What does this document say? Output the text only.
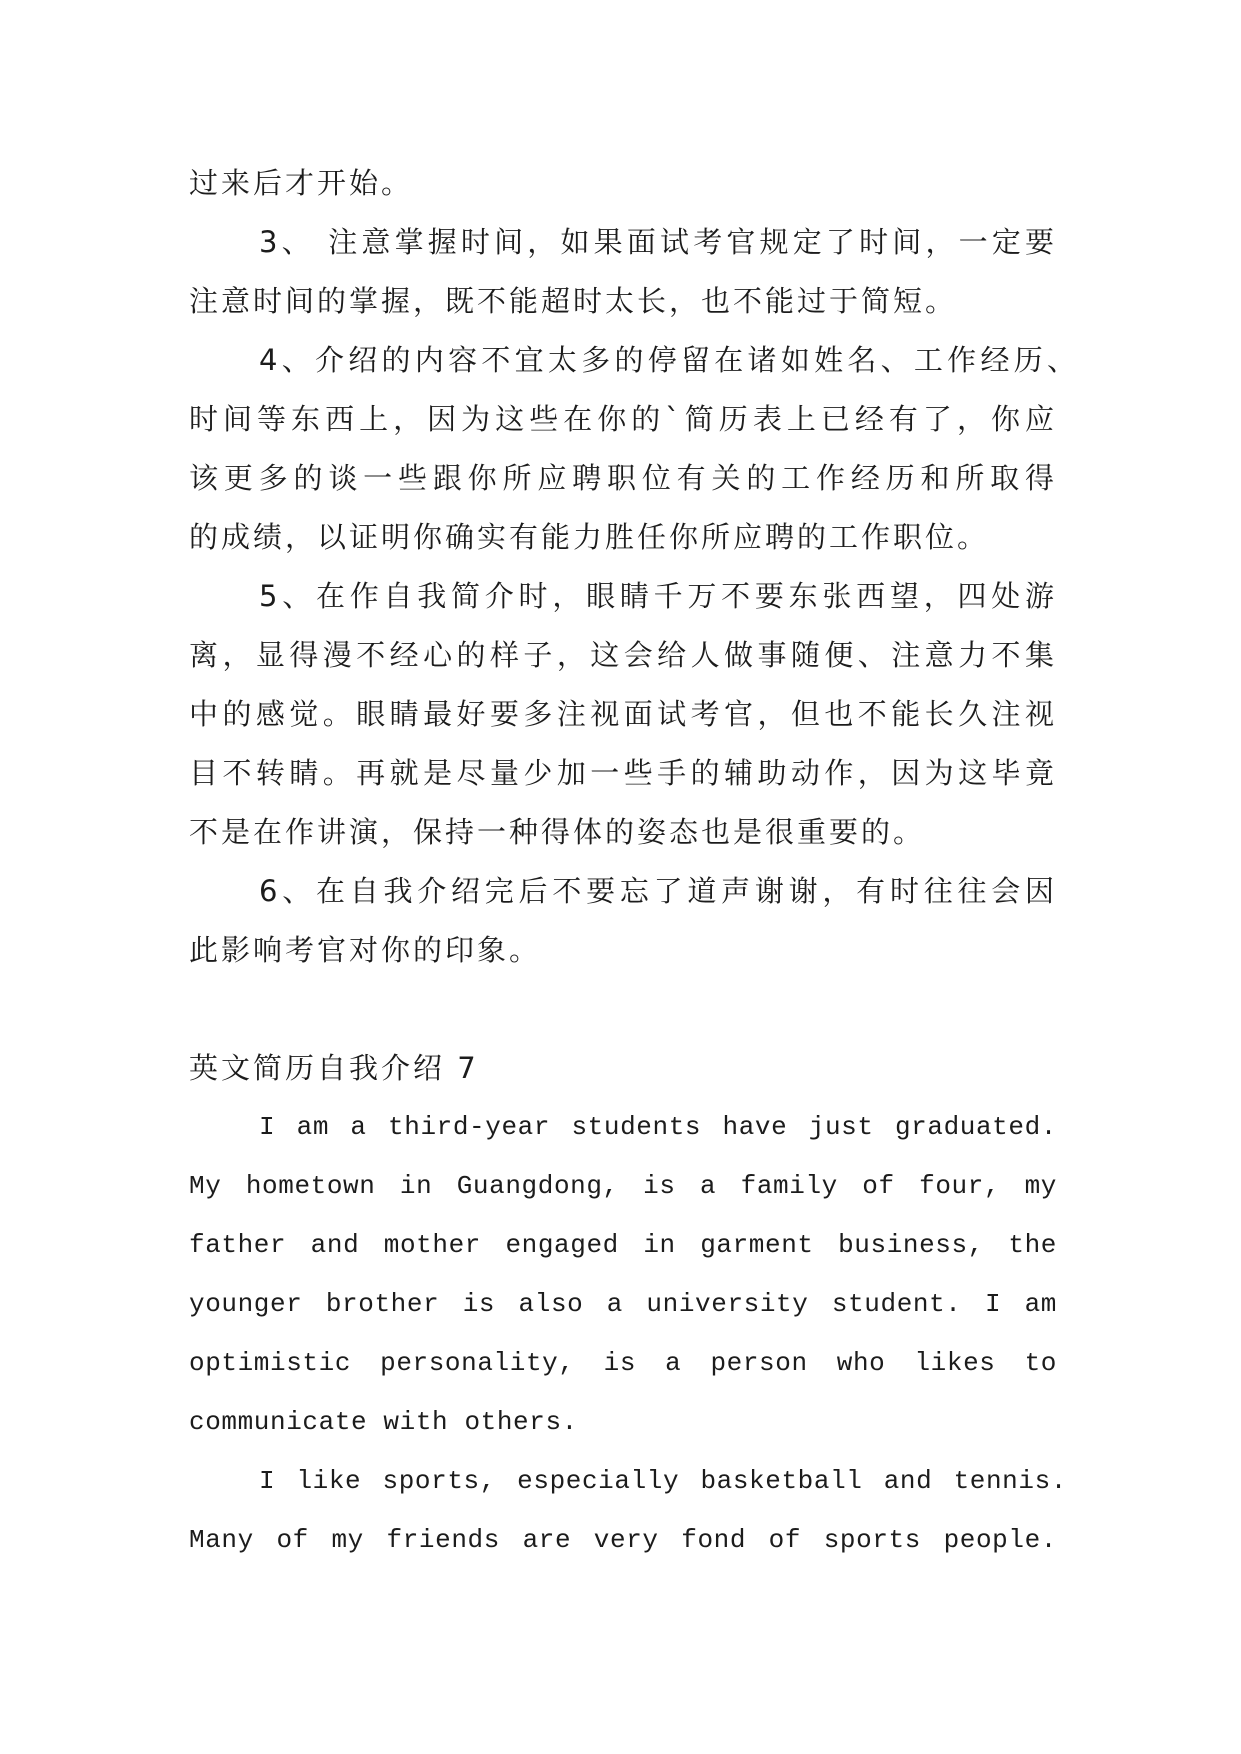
过来后才开始。
3、 注意掌握时间，如果面试考官规定了时间，一定要
注意时间的掌握，既不能超时太长，也不能过于简短。
4、介绍的内容不宜太多的停留在诸如姓名、工作经历、
时间等东西上，因为这些在你的`简历表上已经有了，你应
该更多的谈一些跟你所应聘职位有关的工作经历和所取得
的成绩，以证明你确实有能力胜任你所应聘的工作职位。
5、在作自我简介时，眼睛千万不要东张西望，四处游
离，显得漫不经心的样子，这会给人做事随便、注意力不集
中的感觉。眼睛最好要多注视面试考官，但也不能长久注视
目不转睛。再就是尽量少加一些手的辅助动作，因为这毕竟
不是在作讲演，保持一种得体的姿态也是很重要的。
6、在自我介绍完后不要忘了道声谢谢，有时往往会因
此影响考官对你的印象。
英文简历自我介绍 7
I am a third-year students have just graduated.
My hometown in Guangdong, is a family of four, my
father and mother engaged in garment business, the
younger brother is also a university student. I am
optimistic personality, is a person who likes to
communicate with others.
I like sports, especially basketball and tennis.
Many of my friends are very fond of sports people.
